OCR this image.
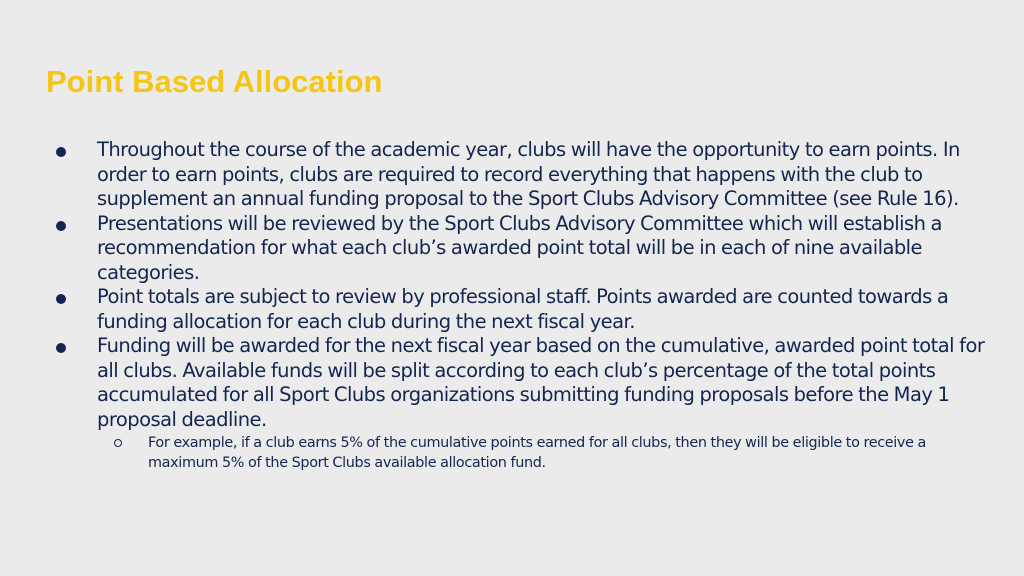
Point Based Allocation
Throughout the course of the academic year, clubs will have the opportunity to earn points. In order to earn points, clubs are required to record everything that happens with the club to supplement an annual funding proposal to the Sport Clubs Advisory Committee (see Rule 16).
Presentations will be reviewed by the Sport Clubs Advisory Committee which will establish a recommendation for what each club’s awarded point total will be in each of nine available categories.
Point totals are subject to review by professional staff. Points awarded are counted towards a funding allocation for each club during the next fiscal year.
Funding will be awarded for the next fiscal year based on the cumulative, awarded point total for all clubs. Available funds will be split according to each club’s percentage of the total points accumulated for all Sport Clubs organizations submitting funding proposals before the May 1 proposal deadline.
For example, if a club earns 5% of the cumulative points earned for all clubs, then they will be eligible to receive a maximum 5% of the Sport Clubs available allocation fund.
